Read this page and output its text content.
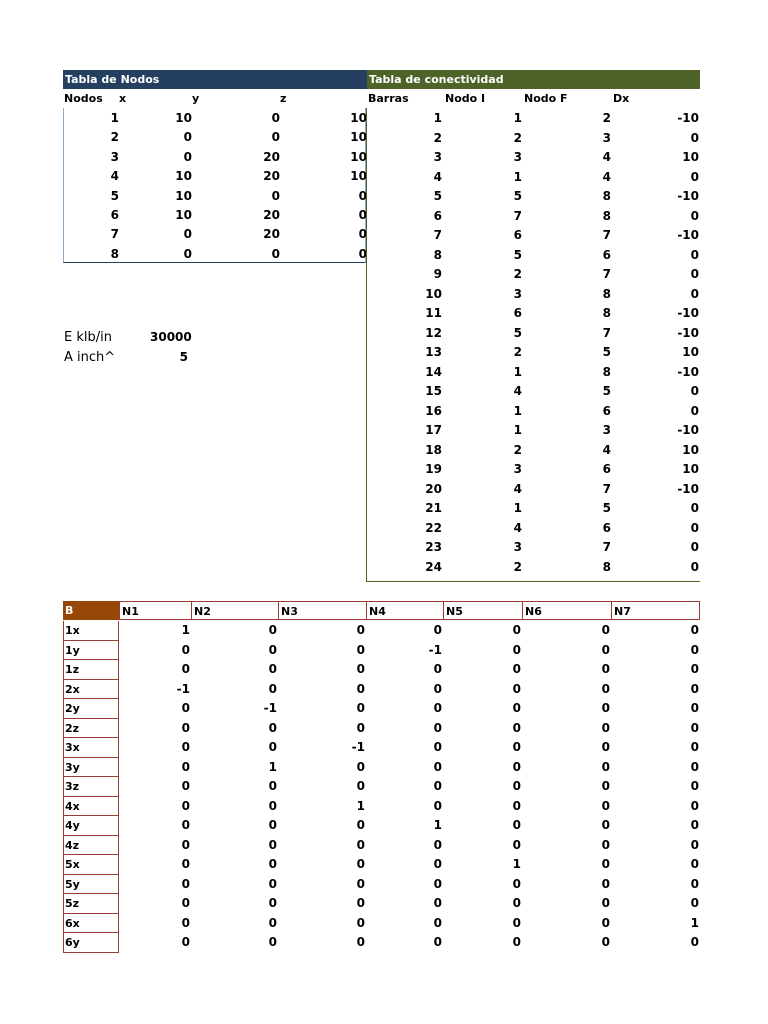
Tabla de Nodos
Nodos x	y	z
1	10	0	10
2	0	0	10
3	0	20	10
4	10	20	10
5	10	0	0
6	10	20	0
7	0	20	0
8	0	0	0
E klb/in	30000
A inch^	5
Tabla de conectividad
Barras	Nodo I	Nodo F	Dx
1	1	2	-10
2	2	3	0
3	3	4	10
4	1	4	0
5	5	8	-10
6	7	8	0
7	6	7	-10
8	5	6	0
9	2	7	0
10	3	8	0
11	6	8	-10
12	5	7	-10
13	2	5	10
14	1	8	-10
15	4	5	0
16	1	6	0
17	1	3	-10
18	2	4	10
19	3	6	10
20	4	7	-10
21	1	5	0
22	4	6	0
23	3	7	0
24	2	8	0
B	N1	N2	N3	N4	N5	N6	N7
1x	1	0	0	0	0	0	0
1y	0	0	0	-1	0	0	0
1z	0	0	0	0	0	0	0
2x	-1	0	0	0	0	0	0
2y	0	-1	0	0	0	0	0
2z	0	0	0	0	0	0	0
3x	0	0	-1	0	0	0	0
3y	0	1	0	0	0	0	0
3z	0	0	0	0	0	0	0
4x	0	0	1	0	0	0	0
4y	0	0	0	1	0	0	0
4z	0	0	0	0	0	0	0
5x	0	0	0	0	1	0	0
5y	0	0	0	0	0	0	0
5z	0	0	0	0	0	0	0
6x	0	0	0	0	0	0	1
6y	0	0	0	0	0	0	0
